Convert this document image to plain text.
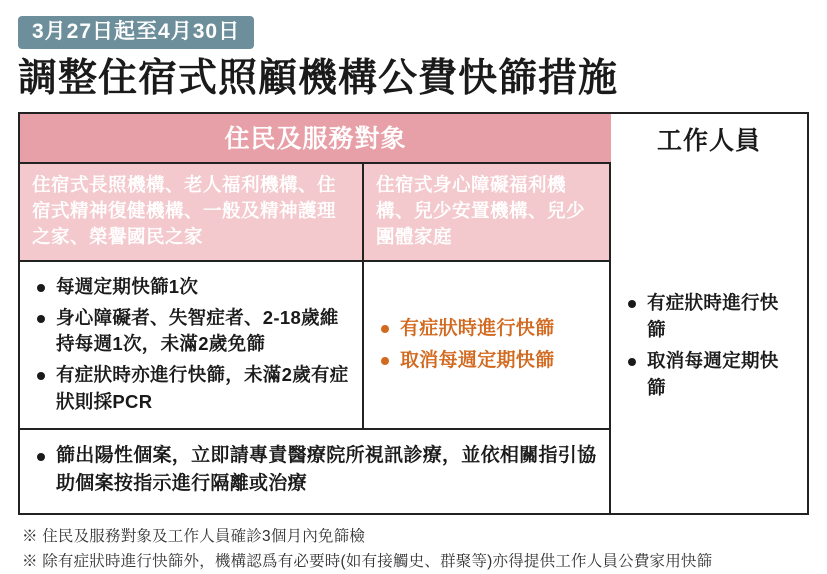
3月27日起至4月30日
調整住宿式照顧機構公費快篩措施
住民及服務對象	工作人員
住宿式長照機構、老人福利機構、住宿式精神復健機構、一般及精神護理之家、榮譽國民之家
住宿式身心障礙福利機構、兒少安置機構、兒少團體家庭
每週定期快篩1次
身心障礙者、失智症者、2-18歲維持每週1次，未滿2歲免篩
有症狀時亦進行快篩，未滿2歲有症狀則採PCR
有症狀時進行快篩
取消每週定期快篩
有症狀時進行快篩
取消每週定期快篩
篩出陽性個案，立即請專責醫療院所視訊診療，並依相關指引協助個案按指示進行隔離或治療
※ 住民及服務對象及工作人員確診3個月內免篩檢
※ 除有症狀時進行快篩外，機構認爲有必要時(如有接觸史、群聚等)亦得提供工作人員公費家用快篩
